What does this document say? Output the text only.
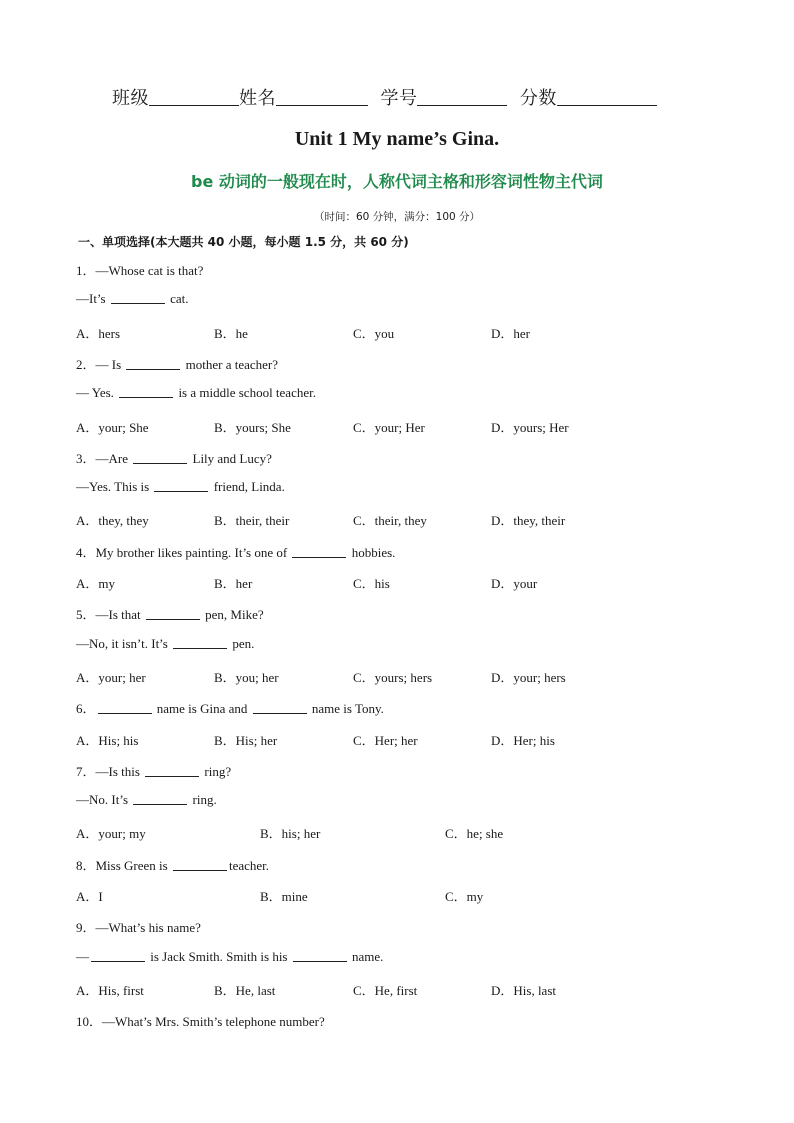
班级	姓名	学号	分数
Unit 1 My name’s Gina.
be 动词的一般现在时，人称代词主格和形容词性物主代词
（时间：60 分钟，满分：100 分）
一、单项选择(本大题共 40 小题，每小题 1.5 分，共 60 分)
1．—Whose cat is that?
—It’s	cat.
A．hers	B．he	C．you	D．her
2．— Is	mother a teacher?
— Yes.	is a middle school teacher.
A．your; She	B．yours; She	C．your; Her	D．yours; Her
3．—Are	Lily and Lucy?
—Yes. This is	friend, Linda.
A．they, they	B．their, their	C．their, they	D．they, their
4．My brother likes painting. It’s one of	hobbies.
A．my	B．her	C．his	D．your
5．—Is that	pen, Mike?
—No, it isn’t. It’s	pen.
A．your; her	B．you; her	C．yours; hers	D．your; hers
6．	name is Gina and	name is Tony.
A．His; his	B．His; her	C．Her; her	D．Her; his
7．—Is this	ring?
—No. It’s	ring.
A．your; my	B．his; her	C．he; she
8．Miss Green is	teacher.
A．I	B．mine	C．my
9．—What’s his name?
—	is Jack Smith. Smith is his	name.
A．His, first	B．He, last	C．He, first	D．His, last
10．—What’s Mrs. Smith’s telephone number?
